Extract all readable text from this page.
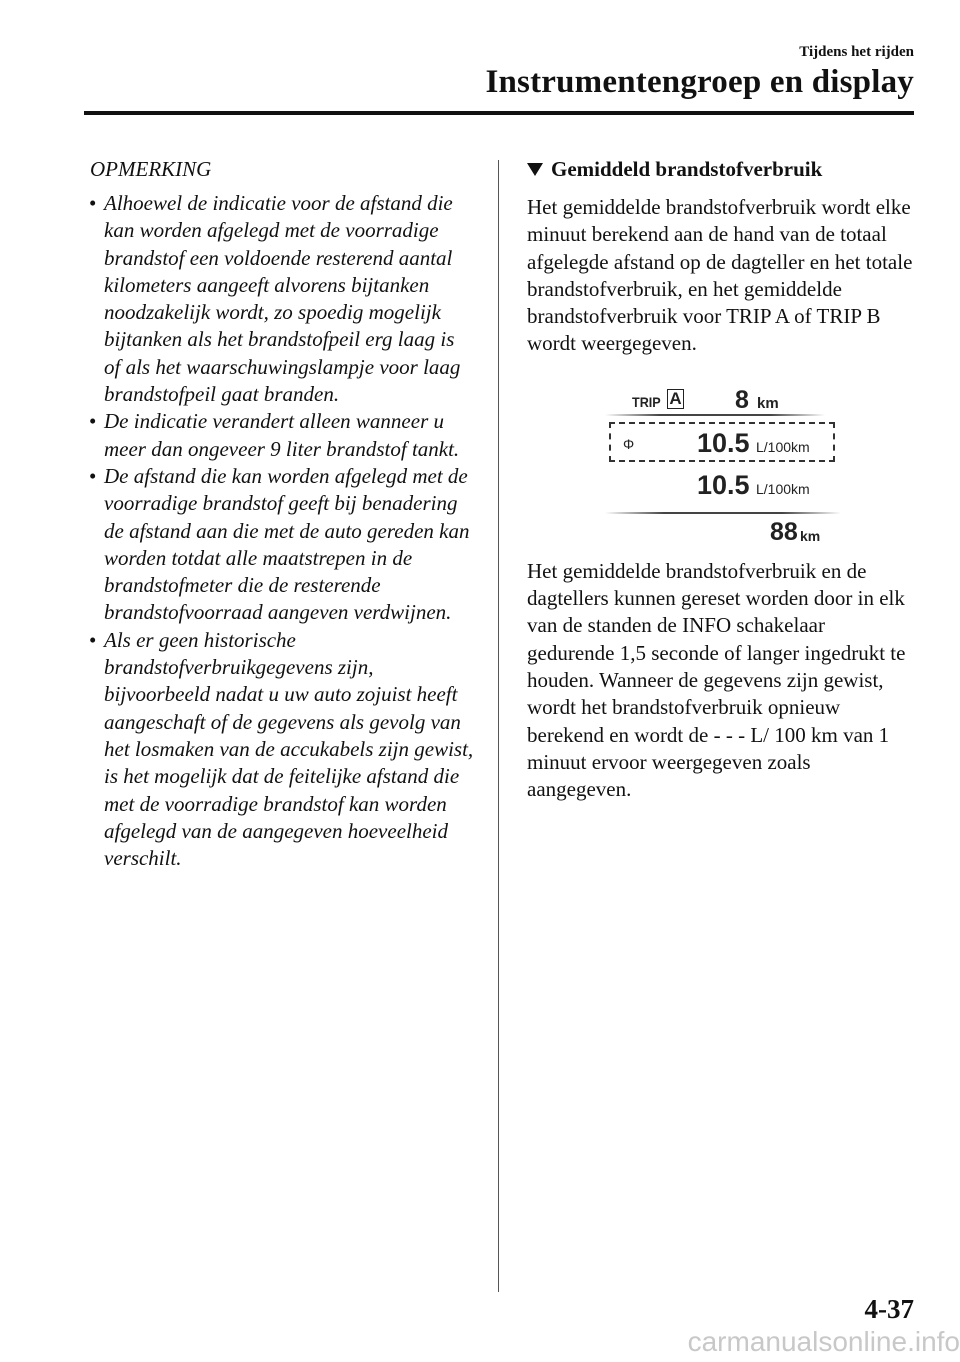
Tijdens het rijden
Instrumentengroep en display
OPMERKING
• Alhoewel de indicatie voor de afstand die kan worden afgelegd met de voorradige brandstof een voldoende resterend aantal kilometers aangeeft alvorens bijtanken noodzakelijk wordt, zo spoedig mogelijk bijtanken als het brandstofpeil erg laag is of als het waarschuwingslampje voor laag brandstofpeil gaat branden.
• De indicatie verandert alleen wanneer u meer dan ongeveer 9 liter brandstof tankt.
• De afstand die kan worden afgelegd met de voorradige brandstof geeft bij benadering de afstand aan die met de auto gereden kan worden totdat alle maatstrepen in de brandstofmeter die de resterende brandstofvoorraad aangeven verdwijnen.
• Als er geen historische brandstofverbruikgegevens zijn, bijvoorbeeld nadat u uw auto zojuist heeft aangeschaft of de gegevens als gevolg van het losmaken van de accukabels zijn gewist, is het mogelijk dat de feitelijke afstand die met de voorradige brandstof kan worden afgelegd van de aangegeven hoeveelheid verschilt.
Gemiddeld brandstofverbruik

Het gemiddelde brandstofverbruik wordt elke minuut berekend aan de hand van de totaal afgelegde afstand op de dagteller en het totale brandstofverbruik, en het gemiddelde brandstofverbruik voor TRIP A of TRIP B wordt weergegeven.

TRIP A 8 km
Φ 10.5 L/100km
10.5 L/100km
88 km

Het gemiddelde brandstofverbruik en de dagtellers kunnen gereset worden door in elk van de standen de INFO schakelaar gedurende 1,5 seconde of langer ingedrukt te houden. Wanneer de gegevens zijn gewist, wordt het brandstofverbruik opnieuw berekend en wordt de - - - L/ 100 km van 1 minuut ervoor weergegeven zoals aangegeven.

4-37
carmanualsonline.info
